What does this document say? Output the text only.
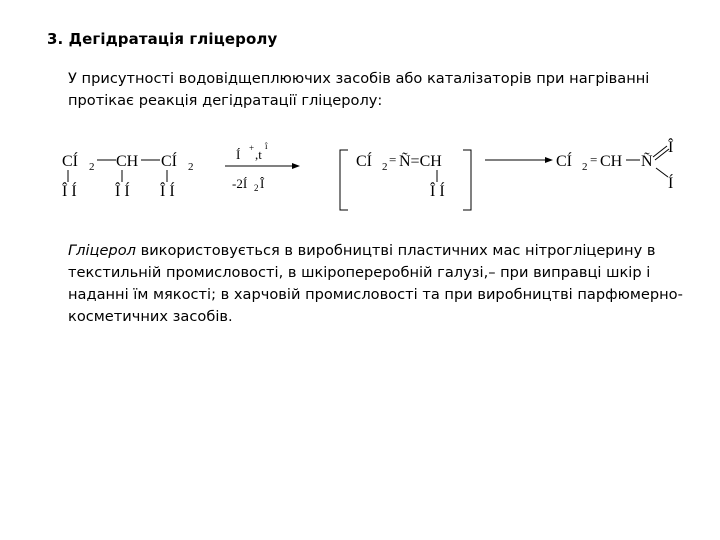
3. Дегідратація гліцеролу
У присутності водовідщеплюючих засобів або каталізаторів при нагріванні протікає реакція дегідратації гліцеролу:
CÍ 2 CH CÍ 2
Î Í Î Í Î Í
Í + ,t
î
-2Í 2 Î
CÍ 2 = Ñ=CH
Î Í
CÍ 2 = CH Ñ
Î
Í
Гліцерол використовується в виробництві пластичних мас нітрогліцерину в текстильній промисловості, в шкіропереробній галузі,– при виправці шкір і наданні їм мякості; в харчовій промисловості та при виробництві парфюмерно-косметичних засобів.
